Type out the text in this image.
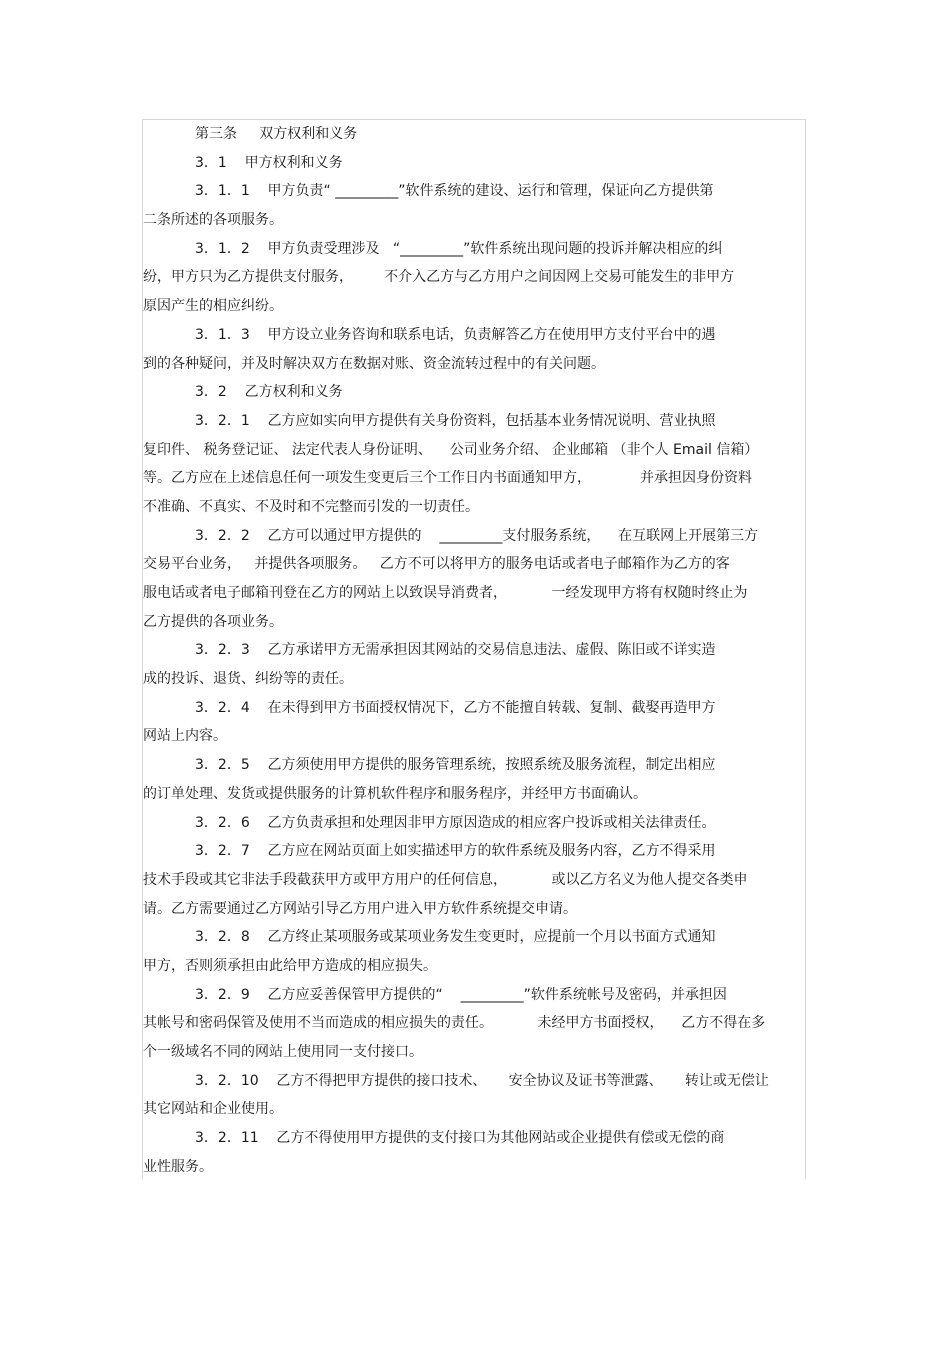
第三条     双方权利和义务
3．1    甲方权利和义务
3．1．1    甲方负责“ _________”软件系统的建设、运行和管理，保证向乙方提供第
二条所述的各项服务。
3．1．2    甲方负责受理涉及   “_________”软件系统出现问题的投诉并解决相应的纠
纷，甲方只为乙方提供支付服务，       不介入乙方与乙方用户之间因网上交易可能发生的非甲方
原因产生的相应纠纷。
3．1．3    甲方设立业务咨询和联系电话，负责解答乙方在使用甲方支付平台中的遇
到的各种疑问，并及时解决双方在数据对账、资金流转过程中的有关问题。
3．2    乙方权利和义务
3．2．1    乙方应如实向甲方提供有关身份资料，包括基本业务情况说明、营业执照
复印件、 税务登记证、 法定代表人身份证明、    公司业务介绍、 企业邮箱 （非个人 Email 信箱）
等。乙方应在上述信息任何一项发生变更后三个工作日内书面通知甲方，           并承担因身份资料
不准确、不真实、不及时和不完整而引发的一切责任。
3．2．2    乙方可以通过甲方提供的    _________支付服务系统，    在互联网上开展第三方
交易平台业务，   并提供各项服务。   乙方不可以将甲方的服务电话或者电子邮箱作为乙方的客
服电话或者电子邮箱刊登在乙方的网站上以致误导消费者，          一经发现甲方将有权随时终止为
乙方提供的各项业务。
3．2．3    乙方承诺甲方无需承担因其网站的交易信息违法、虚假、陈旧或不详实造
成的投诉、退货、纠纷等的责任。
3．2．4    在未得到甲方书面授权情况下，乙方不能擅自转载、复制、截娶再造甲方
网站上内容。
3．2．5    乙方须使用甲方提供的服务管理系统，按照系统及服务流程，制定出相应
的订单处理、发货或提供服务的计算机软件程序和服务程序，并经甲方书面确认。
3．2．6    乙方负责承担和处理因非甲方原因造成的相应客户投诉或相关法律责任。
3．2．7    乙方应在网站页面上如实描述甲方的软件系统及服务内容，乙方不得采用
技术手段或其它非法手段截获甲方或甲方用户的任何信息，          或以乙方名义为他人提交各类申
请。乙方需要通过乙方网站引导乙方用户进入甲方软件系统提交申请。
3．2．8    乙方终止某项服务或某项业务发生变更时，应提前一个月以书面方式通知
甲方，否则须承担由此给甲方造成的相应损失。
3．2．9    乙方应妥善保管甲方提供的“    _________”软件系统帐号及密码，并承担因
其帐号和密码保管及使用不当而造成的相应损失的责任。          未经甲方书面授权，    乙方不得在多
个一级域名不同的网站上使用同一支付接口。
3．2．10    乙方不得把甲方提供的接口技术、     安全协议及证书等泄露、     转让或无偿让
其它网站和企业使用。
3．2．11    乙方不得使用甲方提供的支付接口为其他网站或企业提供有偿或无偿的商
业性服务。
